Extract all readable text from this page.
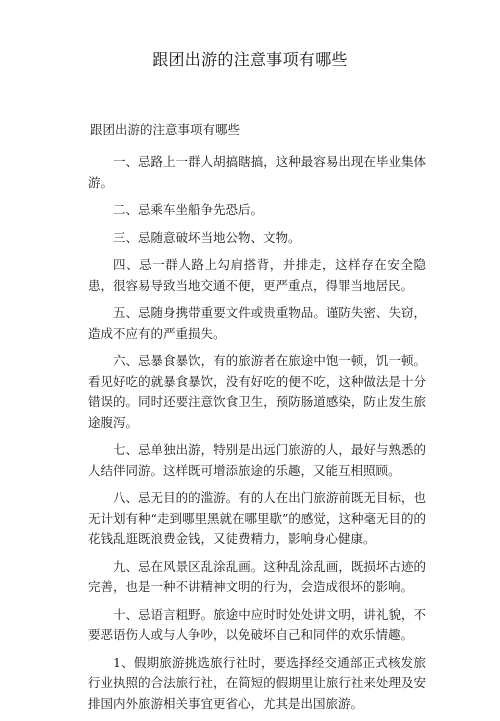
跟团出游的注意事项有哪些

跟团出游的注意事项有哪些

一、忌路上一群人胡搞瞎搞，这种最容易出现在毕业集体游。

二、忌乘车坐船争先恐后。

三、忌随意破坏当地公物、文物。

四、忌一群人路上勾肩搭背，并排走，这样存在安全隐患，很容易导致当地交通不便，更严重点，得罪当地居民。

五、忌随身携带重要文件或贵重物品。谨防失密、失窃，造成不应有的严重损失。

六、忌暴食暴饮，有的旅游者在旅途中饱一顿，饥一顿。看见好吃的就暴食暴饮，没有好吃的便不吃，这种做法是十分错误的。同时还要注意饮食卫生，预防肠道感染，防止发生旅途腹泻。

七、忌单独出游，特别是出远门旅游的人，最好与熟悉的人结伴同游。这样既可增添旅途的乐趣，又能互相照顾。

八、忌无目的的滥游。有的人在出门旅游前既无目标，也无计划有种“走到哪里黑就在哪里歇”的感觉，这种毫无目的的花钱乱逛既浪费金钱，又徒费精力，影响身心健康。

九、忌在风景区乱涂乱画。这种乱涂乱画，既损坏古迹的完善，也是一种不讲精神文明的行为，会造成很坏的影响。

十、忌语言粗野。旅途中应时时处处讲文明，讲礼貌，不要恶语伤人或与人争吵，以免破坏自己和同伴的欢乐情趣。

1、假期旅游挑选旅行社时，要选择经交通部正式核发旅行业执照的合法旅行社，在简短的假期里让旅行社来处理及安排国内外旅游相关事宜更省心，尤其是出国旅游。
